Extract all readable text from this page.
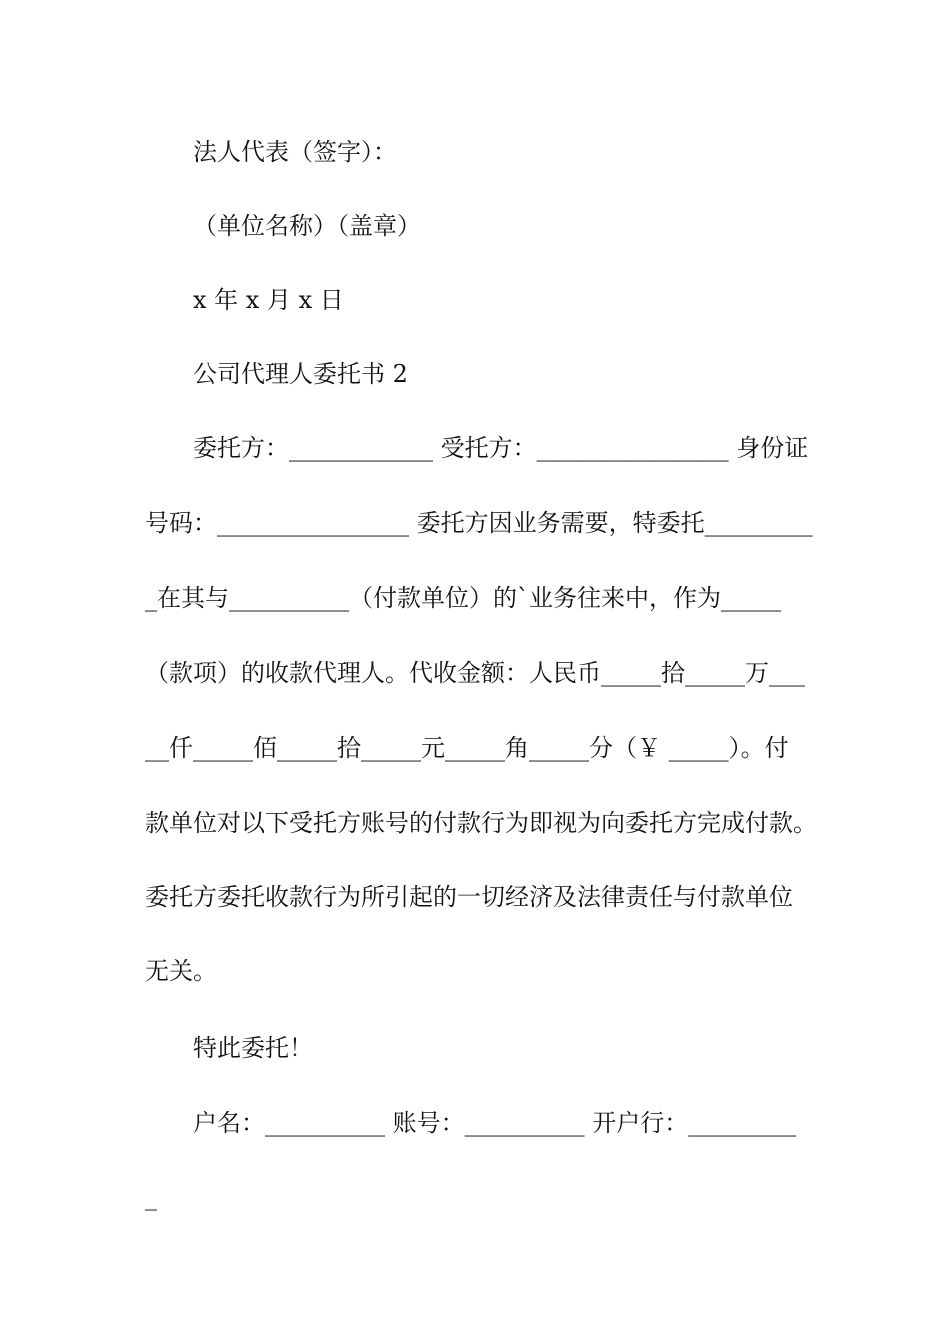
法人代表（签字）：
（单位名称）（盖章）
x 年 x 月 x 日
公司代理人委托书 2
委托方：____________ 受托方：________________ 身份证
号码：________________ 委托方因业务需要，特委托_________
_在其与__________（付款单位）的`业务往来中，作为_____
（款项）的收款代理人。代收金额：人民币_____拾_____万___
__仟_____佰_____拾_____元_____角_____分（￥ _____）。付
款单位对以下受托方账号的付款行为即视为向委托方完成付款。
委托方委托收款行为所引起的一切经济及法律责任与付款单位
无关。
特此委托！
户名：__________ 账号：__________ 开户行：_________
_
